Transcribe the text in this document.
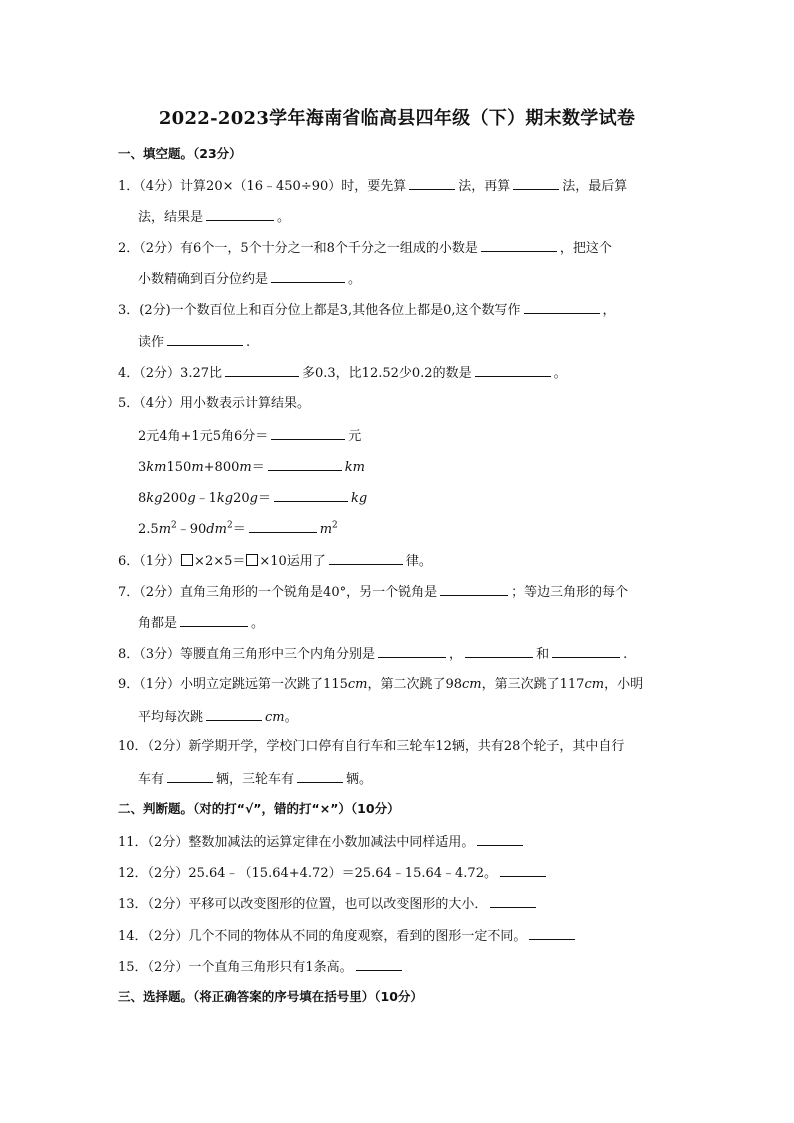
2022-2023学年海南省临高县四年级（下）期末数学试卷
一、填空题。（23分）
1．（4分）计算20×（16﹣450÷90）时，要先算	法，再算	法，最后算
法，结果是	。
2．（2分）有6个一，5个十分之一和8个千分之一组成的小数是	，把这个
小数精确到百分位约是	。
3．(2分)一个数百位上和百分位上都是3,其他各位上都是0,这个数写作	，
读作	.
4．（2分）3.27比	多0.3，比12.52少0.2的数是	。
5．（4分）用小数表示计算结果。
2元4角+1元5角6分＝	元
3km150m+800m＝	km
8kg200g﹣1kg20g＝	kg
$2.5m^2﹣90dm^2=$	$m^2$
6．（1分） ×2×5＝ ×10运用了	律。
7．（2分）直角三角形的一个锐角是40°，另一个锐角是	；等边三角形的每个
角都是	。
8．（3分）等腰直角三角形中三个内角分别是	，	和	.
9．（1分）小明立定跳远第一次跳了115cm，第二次跳了98cm，第三次跳了117cm，小明
平均每次跳	cm。
10．（2分）新学期开学，学校门口停有自行车和三轮车12辆，共有28个轮子，其中自行
车有	辆，三轮车有	辆。
二、判断题。（对的打“√”，错的打“×”）（10分）
11．（2分）整数加减法的运算定律在小数加减法中同样适用。
12．（2分）25.64﹣（15.64+4.72）＝25.64﹣15.64﹣4.72。
13．（2分）平移可以改变图形的位置，也可以改变图形的大小．
14．（2分）几个不同的物体从不同的角度观察，看到的图形一定不同。
15．（2分）一个直角三角形只有1条高。
三、选择题。（将正确答案的序号填在括号里）（10分）
